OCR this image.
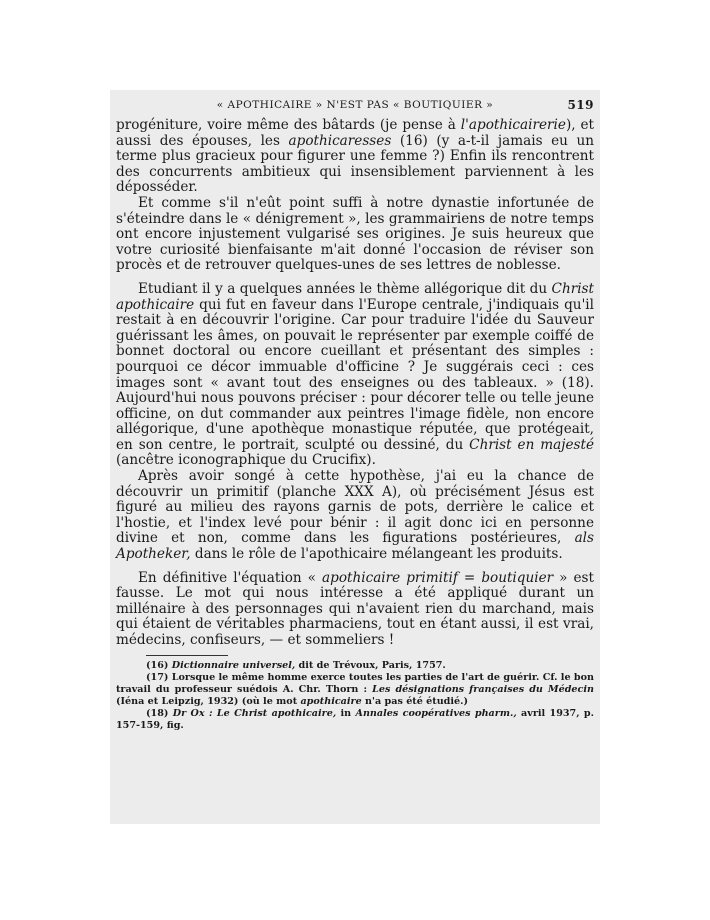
« APOTHICAIRE » N'EST PAS « BOUTIQUIER »	519

progéniture, voire même des bâtards (je pense à l'apothicairerie), et aussi des épouses, les apothicaresses (16) (y a-t-il jamais eu un terme plus gracieux pour figurer une femme ?) Enfin ils rencontrent des concurrents ambitieux qui insensiblement parviennent à les déposséder.

Et comme s'il n'eût point suffi à notre dynastie infortunée de s'éteindre dans le « dénigrement », les grammairiens de notre temps ont encore injustement vulgarisé ses origines. Je suis heureux que votre curiosité bienfaisante m'ait donné l'occasion de réviser son procès et de retrouver quelques-unes de ses lettres de noblesse.

Etudiant il y a quelques années le thème allégorique dit du Christ apothicaire qui fut en faveur dans l'Europe centrale, j'indiquais qu'il restait à en découvrir l'origine. Car pour traduire l'idée du Sauveur guérissant les âmes, on pouvait le représenter par exemple coiffé de bonnet doctoral ou encore cueillant et présentant des simples : pourquoi ce décor immuable d'officine ? Je suggérais ceci : ces images sont « avant tout des enseignes ou des tableaux. » (18). Aujourd'hui nous pouvons préciser : pour décorer telle ou telle jeune officine, on dut commander aux peintres l'image fidèle, non encore allégorique, d'une apothèque monastique réputée, que protégeait, en son centre, le portrait, sculpté ou dessiné, du Christ en majesté (ancêtre iconographique du Crucifix).

Après avoir songé à cette hypothèse, j'ai eu la chance de découvrir un primitif (planche XXX A), où précisément Jésus est figuré au milieu des rayons garnis de pots, derrière le calice et l'hostie, et l'index levé pour bénir : il agit donc ici en personne divine et non, comme dans les figurations postérieures, als Apotheker, dans le rôle de l'apothicaire mélangeant les produits.

En définitive l'équation « apothicaire primitif = boutiquier » est fausse. Le mot qui nous intéresse a été appliqué durant un millénaire à des personnages qui n'avaient rien du marchand, mais qui étaient de véritables pharmaciens, tout en étant aussi, il est vrai, médecins, confiseurs, — et sommeliers !

(16) Dictionnaire universel, dit de Trévoux, Paris, 1757.

(17) Lorsque le même homme exerce toutes les parties de l'art de guérir. Cf. le bon travail du professeur suédois A. Chr. Thorn : Les désignations françaises du Médecin (Iéna et Leipzig, 1932) (où le mot apothicaire n'a pas été étudié.)

(18) Dr Ox : Le Christ apothicaire, in Annales coopératives pharm., avril 1937, p. 157-159, fig.
